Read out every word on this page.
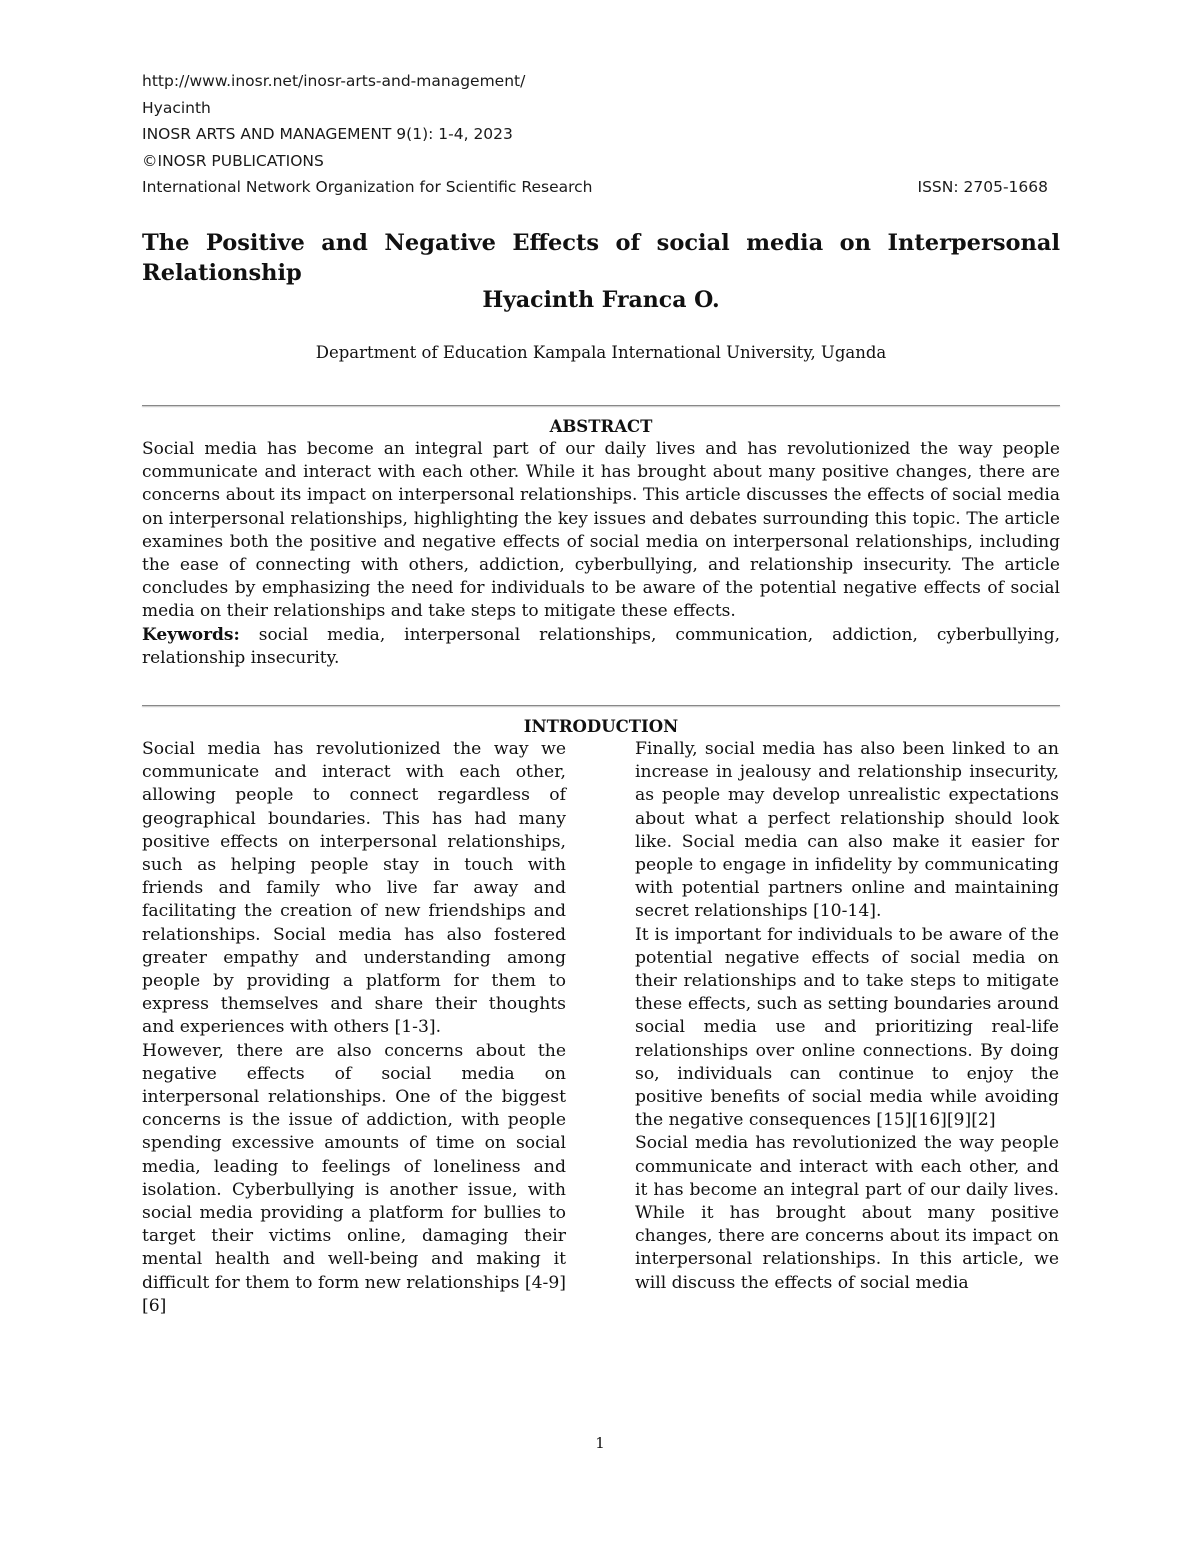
http://www.inosr.net/inosr-arts-and-management/
Hyacinth
INOSR ARTS AND MANAGEMENT 9(1): 1-4, 2023
©INOSR PUBLICATIONS
International Network Organization for Scientific Research	ISSN: 2705-1668
The Positive and Negative Effects of social media on Interpersonal Relationship
Hyacinth Franca O.
Department of Education Kampala International University, Uganda
ABSTRACT

Social media has become an integral part of our daily lives and has revolutionized the way people communicate and interact with each other. While it has brought about many positive changes, there are concerns about its impact on interpersonal relationships. This article discusses the effects of social media on interpersonal relationships, highlighting the key issues and debates surrounding this topic. The article examines both the positive and negative effects of social media on interpersonal relationships, including the ease of connecting with others, addiction, cyberbullying, and relationship insecurity. The article concludes by emphasizing the need for individuals to be aware of the potential negative effects of social media on their relationships and take steps to mitigate these effects.

Keywords: social media, interpersonal relationships, communication, addiction, cyberbullying, relationship insecurity.

INTRODUCTION

Social media has revolutionized the way we communicate and interact with each other, allowing people to connect regardless of geographical boundaries. This has had many positive effects on interpersonal relationships, such as helping people stay in touch with friends and family who live far away and facilitating the creation of new friendships and relationships. Social media has also fostered greater empathy and understanding among people by providing a platform for them to express themselves and share their thoughts and experiences with others [1-3].

However, there are also concerns about the negative effects of social media on interpersonal relationships. One of the biggest concerns is the issue of addiction, with people spending excessive amounts of time on social media, leading to feelings of loneliness and isolation. Cyberbullying is another issue, with social media providing a platform for bullies to target their victims online, damaging their mental health and well-being and making it difficult for them to form new relationships [4-9][6]

Finally, social media has also been linked to an increase in jealousy and relationship insecurity, as people may develop unrealistic expectations about what a perfect relationship should look like. Social media can also make it easier for people to engage in infidelity by communicating with potential partners online and maintaining secret relationships [10-14].

It is important for individuals to be aware of the potential negative effects of social media on their relationships and to take steps to mitigate these effects, such as setting boundaries around social media use and prioritizing real-life relationships over online connections. By doing so, individuals can continue to enjoy the positive benefits of social media while avoiding the negative consequences [15][16][9][2]

Social media has revolutionized the way people communicate and interact with each other, and it has become an integral part of our daily lives. While it has brought about many positive changes, there are concerns about its impact on interpersonal relationships. In this article, we will discuss the effects of social media

1
